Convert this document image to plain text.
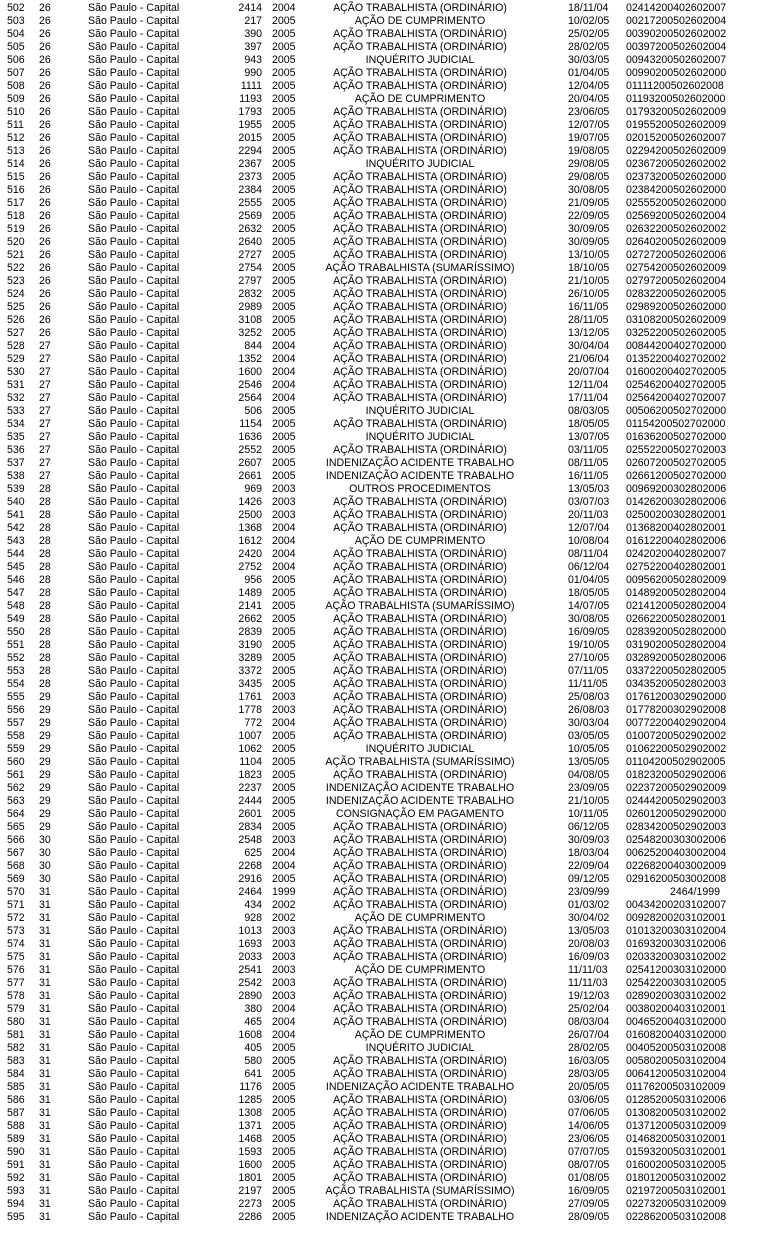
502	26	São Paulo - Capital	2414 2004	AÇÃO TRABALHISTA (ORDINÁRIO)	18/11/04	02414200402602007
503	26	São Paulo - Capital	217 2005	AÇÃO DE CUMPRIMENTO	10/02/05	00217200502602004
504	26	São Paulo - Capital	390 2005	AÇÃO TRABALHISTA (ORDINÁRIO)	25/02/05	00390200502602002
505	26	São Paulo - Capital	397 2005	AÇÃO TRABALHISTA (ORDINÁRIO)	28/02/05	00397200502602004
506	26	São Paulo - Capital	943 2005	INQUÉRITO JUDICIAL	30/03/05	00943200502602007
507	26	São Paulo - Capital	990 2005	AÇÃO TRABALHISTA (ORDINÁRIO)	01/04/05	00990200502602000
508	26	São Paulo - Capital	1111 2005	AÇÃO TRABALHISTA (ORDINÁRIO)	12/04/05	01111200502602008
509	26	São Paulo - Capital	1193 2005	AÇÃO DE CUMPRIMENTO	20/04/05	01193200502602000
510	26	São Paulo - Capital	1793 2005	AÇÃO TRABALHISTA (ORDINÁRIO)	23/06/05	01793200502602009
511	26	São Paulo - Capital	1955 2005	AÇÃO TRABALHISTA (ORDINÁRIO)	12/07/05	01955200502602009
512	26	São Paulo - Capital	2015 2005	AÇÃO TRABALHISTA (ORDINÁRIO)	19/07/05	02015200502602007
513	26	São Paulo - Capital	2294 2005	AÇÃO TRABALHISTA (ORDINÁRIO)	19/08/05	02294200502602009
514	26	São Paulo - Capital	2367 2005	INQUÉRITO JUDICIAL	29/08/05	02367200502602002
515	26	São Paulo - Capital	2373 2005	AÇÃO TRABALHISTA (ORDINÁRIO)	29/08/05	02373200502602000
516	26	São Paulo - Capital	2384 2005	AÇÃO TRABALHISTA (ORDINÁRIO)	30/08/05	02384200502602000
517	26	São Paulo - Capital	2555 2005	AÇÃO TRABALHISTA (ORDINÁRIO)	21/09/05	02555200502602000
518	26	São Paulo - Capital	2569 2005	AÇÃO TRABALHISTA (ORDINÁRIO)	22/09/05	02569200502602004
519	26	São Paulo - Capital	2632 2005	AÇÃO TRABALHISTA (ORDINÁRIO)	30/09/05	02632200502602002
520	26	São Paulo - Capital	2640 2005	AÇÃO TRABALHISTA (ORDINÁRIO)	30/09/05	02640200502602009
521	26	São Paulo - Capital	2727 2005	AÇÃO TRABALHISTA (ORDINÁRIO)	13/10/05	02727200502602006
522	26	São Paulo - Capital	2754 2005	AÇÃO TRABALHISTA (SUMARÍSSIMO)	18/10/05	02754200502602009
523	26	São Paulo - Capital	2797 2005	AÇÃO TRABALHISTA (ORDINÁRIO)	21/10/05	02797200502602004
524	26	São Paulo - Capital	2832 2005	AÇÃO TRABALHISTA (ORDINÁRIO)	26/10/05	02832200502602005
525	26	São Paulo - Capital	2989 2005	AÇÃO TRABALHISTA (ORDINÁRIO)	16/11/05	02989200502602000
526	26	São Paulo - Capital	3108 2005	AÇÃO TRABALHISTA (ORDINÁRIO)	28/11/05	03108200502602009
527	26	São Paulo - Capital	3252 2005	AÇÃO TRABALHISTA (ORDINÁRIO)	13/12/05	03252200502602005
528	27	São Paulo - Capital	844 2004	AÇÃO TRABALHISTA (ORDINÁRIO)	30/04/04	00844200402702000
529	27	São Paulo - Capital	1352 2004	AÇÃO TRABALHISTA (ORDINÁRIO)	21/06/04	01352200402702002
530	27	São Paulo - Capital	1600 2004	AÇÃO TRABALHISTA (ORDINÁRIO)	20/07/04	01600200402702005
531	27	São Paulo - Capital	2546 2004	AÇÃO TRABALHISTA (ORDINÁRIO)	12/11/04	02546200402702005
532	27	São Paulo - Capital	2564 2004	AÇÃO TRABALHISTA (ORDINÁRIO)	17/11/04	02564200402702007
533	27	São Paulo - Capital	506 2005	INQUÉRITO JUDICIAL	08/03/05	00506200502702000
534	27	São Paulo - Capital	1154 2005	AÇÃO TRABALHISTA (ORDINÁRIO)	18/05/05	01154200502702000
535	27	São Paulo - Capital	1636 2005	INQUÉRITO JUDICIAL	13/07/05	01636200502702000
536	27	São Paulo - Capital	2552 2005	AÇÃO TRABALHISTA (ORDINÁRIO)	03/11/05	02552200502702003
537	27	São Paulo - Capital	2607 2005	INDENIZAÇÃO ACIDENTE TRABALHO	08/11/05	02607200502702005
538	27	São Paulo - Capital	2661 2005	INDENIZAÇÃO ACIDENTE TRABALHO	16/11/05	02661200502702000
539	28	São Paulo - Capital	969 2003	OUTROS PROCEDIMENTOS	13/05/03	00969200302802006
540	28	São Paulo - Capital	1426 2003	AÇÃO TRABALHISTA (ORDINÁRIO)	03/07/03	01426200302802006
541	28	São Paulo - Capital	2500 2003	AÇÃO TRABALHISTA (ORDINÁRIO)	20/11/03	02500200302802001
542	28	São Paulo - Capital	1368 2004	AÇÃO TRABALHISTA (ORDINÁRIO)	12/07/04	01368200402802001
543	28	São Paulo - Capital	1612 2004	AÇÃO DE CUMPRIMENTO	10/08/04	01612200402802006
544	28	São Paulo - Capital	2420 2004	AÇÃO TRABALHISTA (ORDINÁRIO)	08/11/04	02420200402802007
545	28	São Paulo - Capital	2752 2004	AÇÃO TRABALHISTA (ORDINÁRIO)	06/12/04	02752200402802001
546	28	São Paulo - Capital	956 2005	AÇÃO TRABALHISTA (ORDINÁRIO)	01/04/05	00956200502802009
547	28	São Paulo - Capital	1489 2005	AÇÃO TRABALHISTA (ORDINÁRIO)	18/05/05	01489200502802004
548	28	São Paulo - Capital	2141 2005	AÇÃO TRABALHISTA (SUMARÍSSIMO)	14/07/05	02141200502802004
549	28	São Paulo - Capital	2662 2005	AÇÃO TRABALHISTA (ORDINÁRIO)	30/08/05	02662200502802001
550	28	São Paulo - Capital	2839 2005	AÇÃO TRABALHISTA (ORDINÁRIO)	16/09/05	02839200502802000
551	28	São Paulo - Capital	3190 2005	AÇÃO TRABALHISTA (ORDINÁRIO)	19/10/05	03190200502802004
552	28	São Paulo - Capital	3289 2005	AÇÃO TRABALHISTA (ORDINÁRIO)	27/10/05	03289200502802006
553	28	São Paulo - Capital	3372 2005	AÇÃO TRABALHISTA (ORDINÁRIO)	07/11/05	03372200502802005
554	28	São Paulo - Capital	3435 2005	AÇÃO TRABALHISTA (ORDINÁRIO)	11/11/05	03435200502802003
555	29	São Paulo - Capital	1761 2003	AÇÃO TRABALHISTA (ORDINÁRIO)	25/08/03	01761200302902000
556	29	São Paulo - Capital	1778 2003	AÇÃO TRABALHISTA (ORDINÁRIO)	26/08/03	01778200302902008
557	29	São Paulo - Capital	772 2004	AÇÃO TRABALHISTA (ORDINÁRIO)	30/03/04	00772200402902004
558	29	São Paulo - Capital	1007 2005	AÇÃO TRABALHISTA (ORDINÁRIO)	03/05/05	01007200502902002
559	29	São Paulo - Capital	1062 2005	INQUÉRITO JUDICIAL	10/05/05	01062200502902002
560	29	São Paulo - Capital	1104 2005	AÇÃO TRABALHISTA (SUMARÍSSIMO)	13/05/05	01104200502902005
561	29	São Paulo - Capital	1823 2005	AÇÃO TRABALHISTA (ORDINÁRIO)	04/08/05	01823200502902006
562	29	São Paulo - Capital	2237 2005	INDENIZAÇÃO ACIDENTE TRABALHO	23/09/05	02237200502902009
563	29	São Paulo - Capital	2444 2005	INDENIZAÇÃO ACIDENTE TRABALHO	21/10/05	02444200502902003
564	29	São Paulo - Capital	2601 2005	CONSIGNAÇÃO EM PAGAMENTO	10/11/05	02601200502902000
565	29	São Paulo - Capital	2834 2005	AÇÃO TRABALHISTA (ORDINÁRIO)	06/12/05	02834200502902003
566	30	São Paulo - Capital	2548 2003	AÇÃO TRABALHISTA (ORDINÁRIO)	30/09/03	02548200303002006
567	30	São Paulo - Capital	625 2004	AÇÃO TRABALHISTA (ORDINÁRIO)	18/03/04	00625200403002004
568	30	São Paulo - Capital	2268 2004	AÇÃO TRABALHISTA (ORDINÁRIO)	22/09/04	02268200403002009
569	30	São Paulo - Capital	2916 2005	AÇÃO TRABALHISTA (ORDINÁRIO)	09/12/05	02916200503002008
570	31	São Paulo - Capital	2464 1999	AÇÃO TRABALHISTA (ORDINÁRIO)	23/09/99	2464/1999
571	31	São Paulo - Capital	434 2002	AÇÃO TRABALHISTA (ORDINÁRIO)	01/03/02	00434200203102007
572	31	São Paulo - Capital	928 2002	AÇÃO DE CUMPRIMENTO	30/04/02	00928200203102001
573	31	São Paulo - Capital	1013 2003	AÇÃO TRABALHISTA (ORDINÁRIO)	13/05/03	01013200303102004
574	31	São Paulo - Capital	1693 2003	AÇÃO TRABALHISTA (ORDINÁRIO)	20/08/03	01693200303102006
575	31	São Paulo - Capital	2033 2003	AÇÃO TRABALHISTA (ORDINÁRIO)	16/09/03	02033200303102002
576	31	São Paulo - Capital	2541 2003	AÇÃO DE CUMPRIMENTO	11/11/03	02541200303102000
577	31	São Paulo - Capital	2542 2003	AÇÃO TRABALHISTA (ORDINÁRIO)	11/11/03	02542200303102005
578	31	São Paulo - Capital	2890 2003	AÇÃO TRABALHISTA (ORDINÁRIO)	19/12/03	02890200303102002
579	31	São Paulo - Capital	380 2004	AÇÃO TRABALHISTA (ORDINÁRIO)	25/02/04	00380200403102001
580	31	São Paulo - Capital	465 2004	AÇÃO TRABALHISTA (ORDINÁRIO)	08/03/04	00465200403102000
581	31	São Paulo - Capital	1608 2004	AÇÃO DE CUMPRIMENTO	26/07/04	01608200403102000
582	31	São Paulo - Capital	405 2005	INQUÉRITO JUDICIAL	28/02/05	00405200503102008
583	31	São Paulo - Capital	580 2005	AÇÃO TRABALHISTA (ORDINÁRIO)	16/03/05	00580200503102004
584	31	São Paulo - Capital	641 2005	AÇÃO TRABALHISTA (ORDINÁRIO)	28/03/05	00641200503102004
585	31	São Paulo - Capital	1176 2005	INDENIZAÇÃO ACIDENTE TRABALHO	20/05/05	01176200503102009
586	31	São Paulo - Capital	1285 2005	AÇÃO TRABALHISTA (ORDINÁRIO)	03/06/05	01285200503102006
587	31	São Paulo - Capital	1308 2005	AÇÃO TRABALHISTA (ORDINÁRIO)	07/06/05	01308200503102002
588	31	São Paulo - Capital	1371 2005	AÇÃO TRABALHISTA (ORDINÁRIO)	14/06/05	01371200503102009
589	31	São Paulo - Capital	1468 2005	AÇÃO TRABALHISTA (ORDINÁRIO)	23/06/05	01468200503102001
590	31	São Paulo - Capital	1593 2005	AÇÃO TRABALHISTA (ORDINÁRIO)	07/07/05	01593200503102001
591	31	São Paulo - Capital	1600 2005	AÇÃO TRABALHISTA (ORDINÁRIO)	08/07/05	01600200503102005
592	31	São Paulo - Capital	1801 2005	AÇÃO TRABALHISTA (ORDINÁRIO)	01/08/05	01801200503102002
593	31	São Paulo - Capital	2197 2005	AÇÃO TRABALHISTA (SUMARÍSSIMO)	16/09/05	02197200503102001
594	31	São Paulo - Capital	2273 2005	AÇÃO TRABALHISTA (ORDINÁRIO)	27/09/05	02273200503102009
595	31	São Paulo - Capital	2286 2005	INDENIZAÇÃO ACIDENTE TRABALHO	28/09/05	02286200503102008
